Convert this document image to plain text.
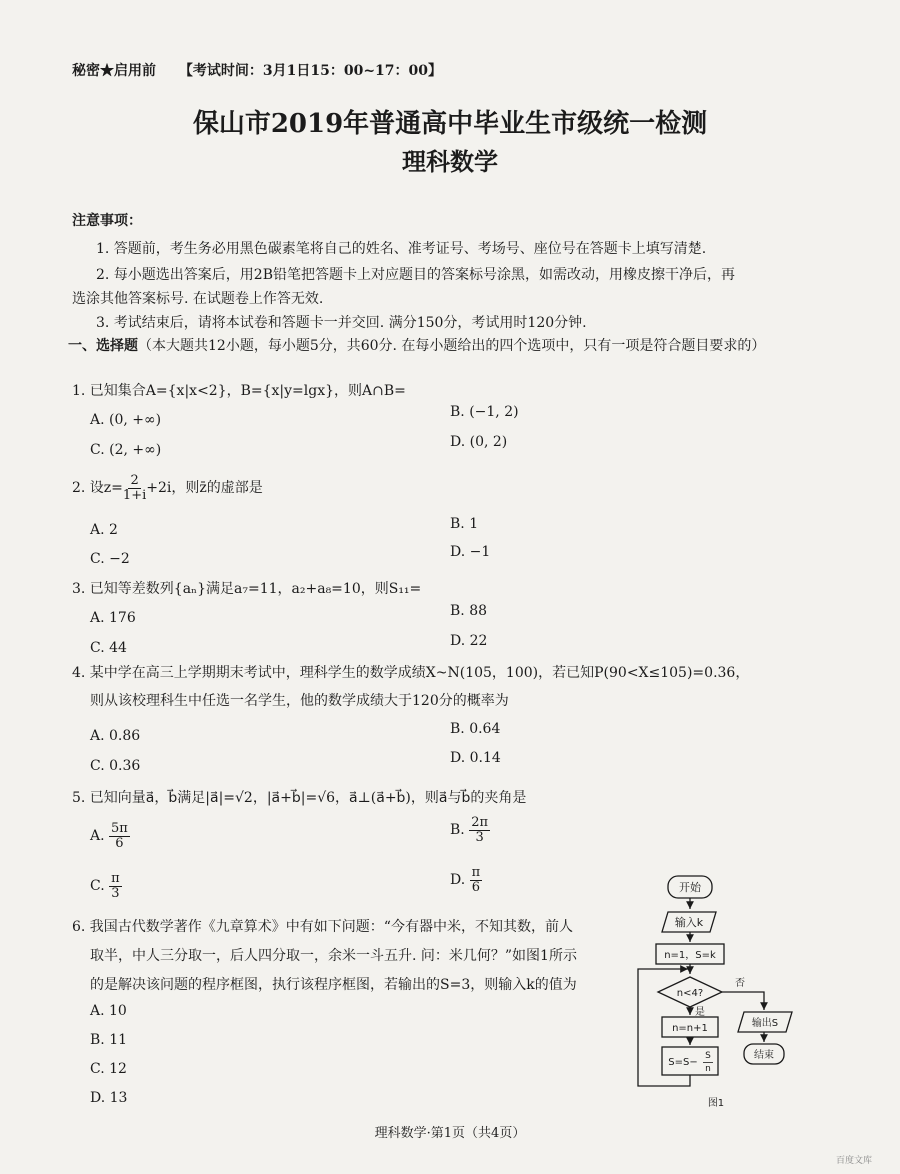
秘密★启用前 【考试时间：3月1日15：00~17：00】
保山市2019年普通高中毕业生市级统一检测
理科数学
注意事项：
1. 答题前，考生务必用黑色碳素笔将自己的姓名、准考证号、考场号、座位号在答题卡上填写清楚.
2. 每小题选出答案后，用2B铅笔把答题卡上对应题目的答案标号涂黑，如需改动，用橡皮擦干净后，再
选涂其他答案标号. 在试题卷上作答无效.
3. 考试结束后，请将本试卷和答题卡一并交回. 满分150分，考试用时120分钟.
一、选择题（本大题共12小题，每小题5分，共60分. 在每小题给出的四个选项中，只有一项是符合题目要求的）
1. 已知集合A={x|x<2}，B={x|y=lgx}，则A∩B=
A. (0, +∞)	B. (−1, 2)
C. (2, +∞)	D. (0, 2)
2. 设$z= \frac{2}{1+i} +2i$，则z̄的虚部是
A. 2	B. 1
C. −2	D. −1
3. 已知等差数列{aₙ}满足a₇=11，a₂+a₈=10，则S₁₁=
A. 176	B. 88
C. 44	D. 22
4. 某中学在高三上学期期末考试中，理科学生的数学成绩X~N(105，100)，若已知P(90<X≤105)=0.36，
则从该校理科生中任选一名学生，他的数学成绩大于120分的概率为
A. 0.86	B. 0.64
C. 0.36	D. 0.14
5. 已知向量a⃗，b⃗满足|a⃗|=√2，|a⃗+b⃗|=√6，a⃗⊥(a⃗+b⃗)，则a⃗与b⃗的夹角是
A. $\frac{5\pi}{6}$	B. $\frac{2\pi}{3}$
C. $\frac{\pi}{3}$	D. $\frac{\pi}{6}$
6. 我国古代数学著作《九章算术》中有如下问题：“今有器中米，不知其数，前人
取半，中人三分取一，后人四分取一，余米一斗五升. 问：米几何？”如图1所示
的是解决该问题的程序框图，执行该程序框图，若输出的S=3，则输入k的值为
A. 10
B. 11
C. 12
D. 13
开始
输入k
n=1，S=k
n<4?
是
否
n=n+1
S=S−
S
n
输出S
结束
图1
理科数学·第1页（共4页）
百度文库
